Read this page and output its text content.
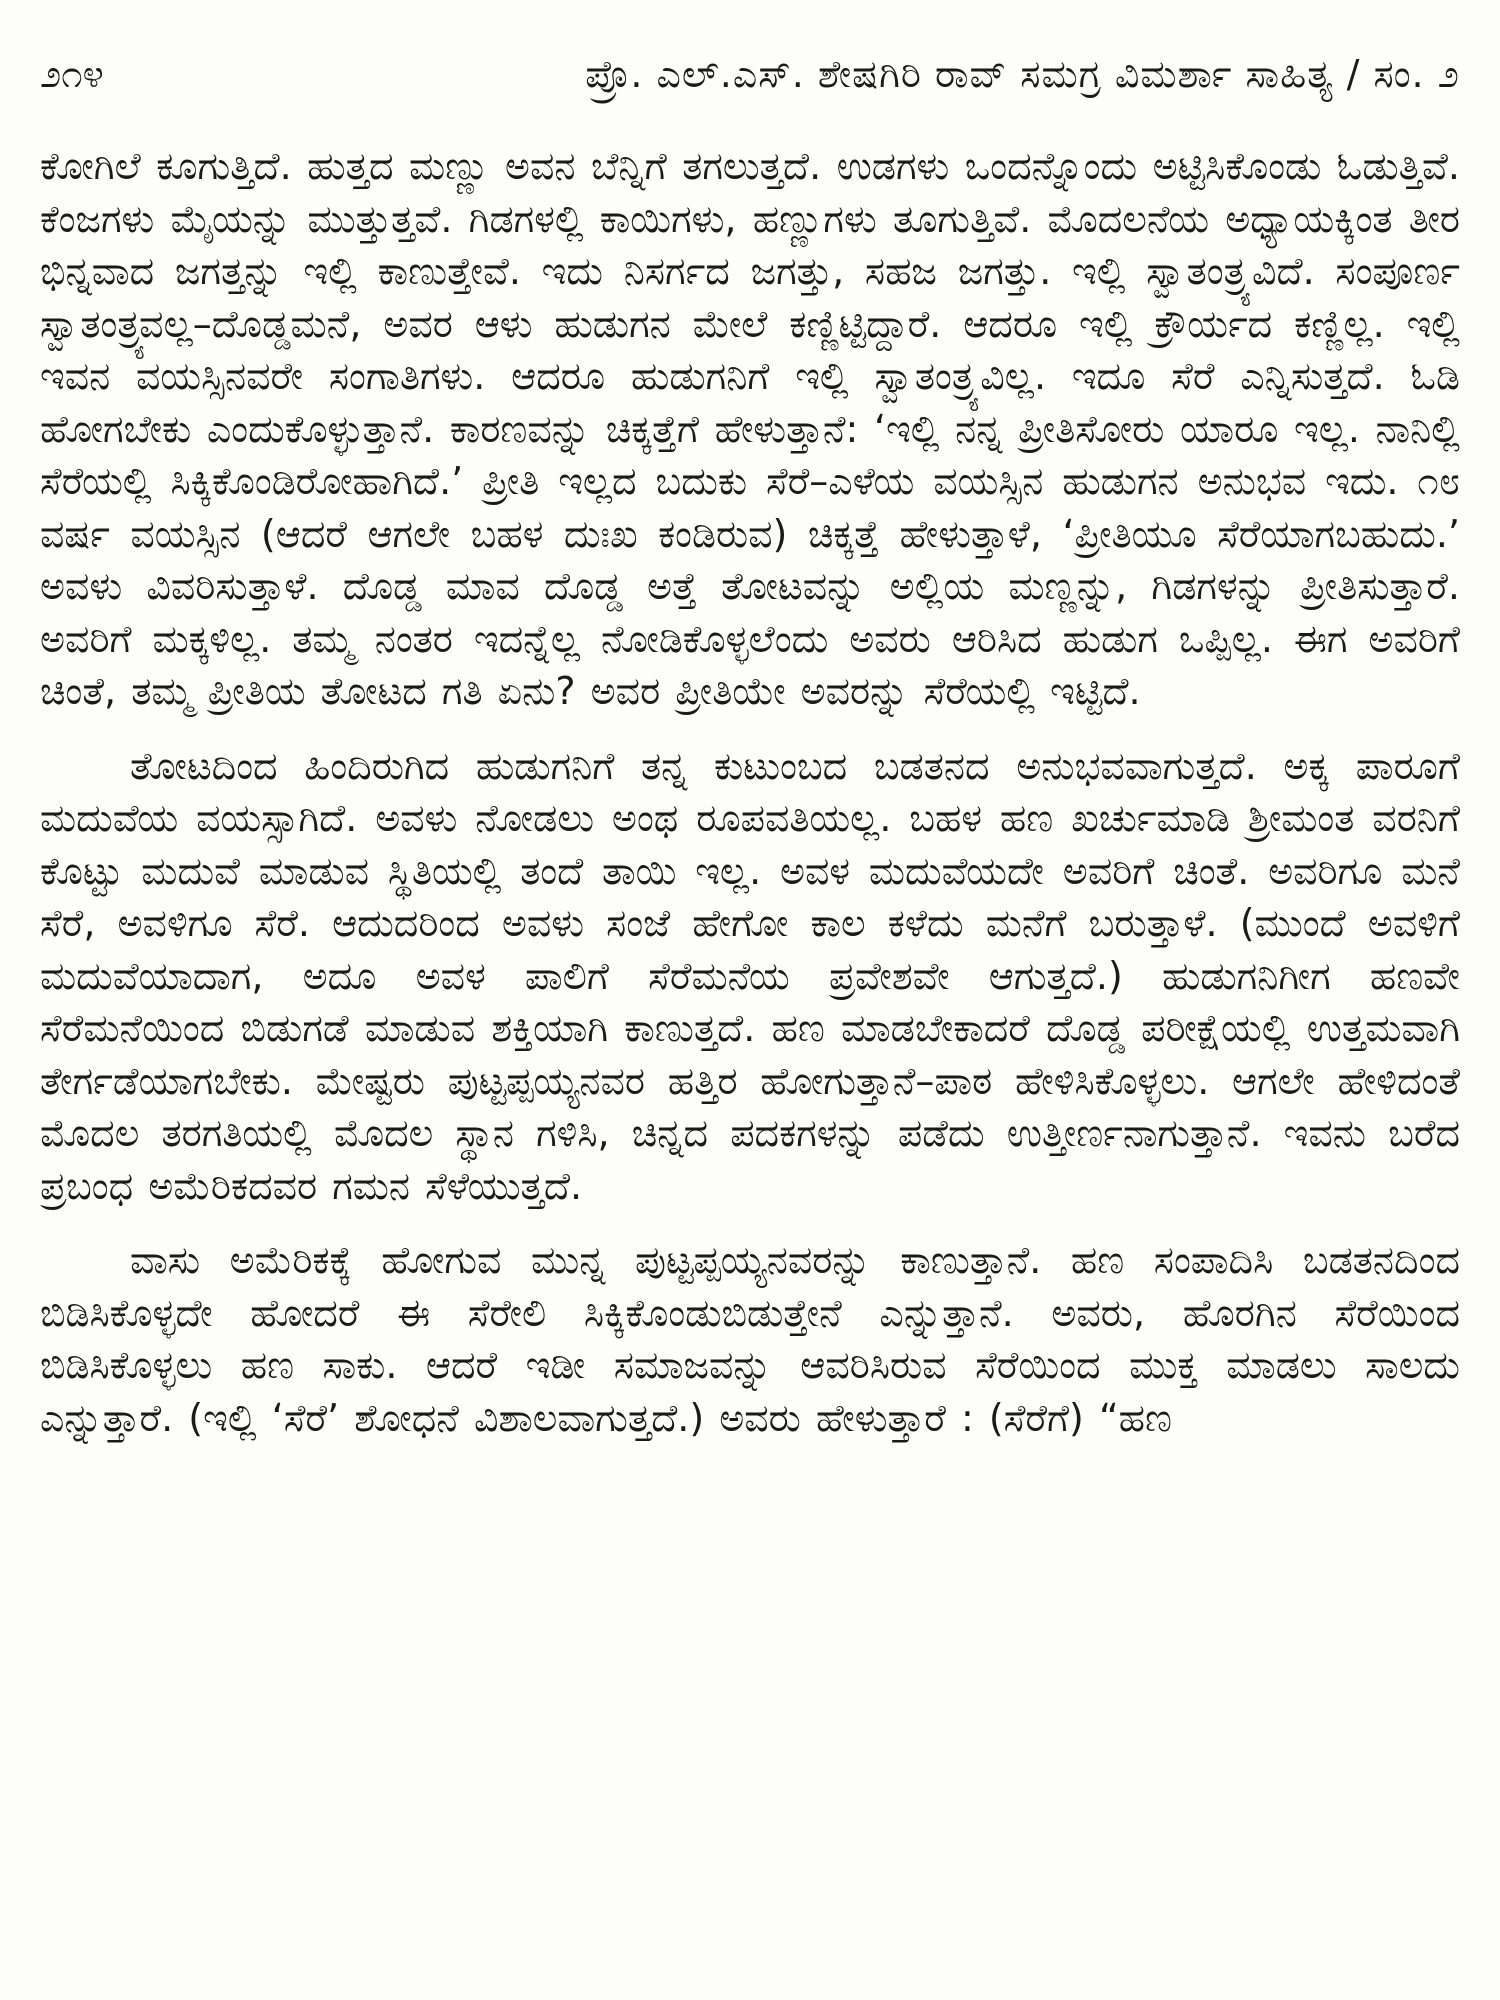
೨೧೪	ಪ್ರೊ. ಎಲ್.ಎಸ್. ಶೇಷಗಿರಿ ರಾವ್ ಸಮಗ್ರ ವಿಮರ್ಶಾ ಸಾಹಿತ್ಯ / ಸಂ. ೨

ಕೋಗಿಲೆ ಕೂಗುತ್ತಿದೆ. ಹುತ್ತದ ಮಣ್ಣು ಅವನ ಬೆನ್ನಿಗೆ ತಗಲುತ್ತದೆ. ಉಡಗಳು ಒಂದನ್ನೊಂದು ಅಟ್ಟಿಸಿಕೊಂಡು ಓಡುತ್ತಿವೆ. ಕೆಂಜಗಳು ಮೈಯನ್ನು ಮುತ್ತುತ್ತವೆ. ಗಿಡಗಳಲ್ಲಿ ಕಾಯಿಗಳು, ಹಣ್ಣುಗಳು ತೂಗುತ್ತಿವೆ. ಮೊದಲನೆಯ ಅಧ್ಯಾಯಕ್ಕಿಂತ ತೀರ ಭಿನ್ನವಾದ ಜಗತ್ತನ್ನು ಇಲ್ಲಿ ಕಾಣುತ್ತೇವೆ. ಇದು ನಿಸರ್ಗದ ಜಗತ್ತು, ಸಹಜ ಜಗತ್ತು. ಇಲ್ಲಿ ಸ್ವಾತಂತ್ರ್ಯವಿದೆ. ಸಂಪೂರ್ಣ ಸ್ವಾತಂತ್ರ್ಯವಲ್ಲ–ದೊಡ್ಡಮನೆ, ಅವರ ಆಳು ಹುಡುಗನ ಮೇಲೆ ಕಣ್ಣಿಟ್ಟಿದ್ದಾರೆ. ಆದರೂ ಇಲ್ಲಿ ಕ್ರೌರ್ಯದ ಕಣ್ಣಿಲ್ಲ. ಇಲ್ಲಿ ಇವನ ವಯಸ್ಸಿನವರೇ ಸಂಗಾತಿಗಳು. ಆದರೂ ಹುಡುಗನಿಗೆ ಇಲ್ಲಿ ಸ್ವಾತಂತ್ರ್ಯವಿಲ್ಲ. ಇದೂ ಸೆರೆ ಎನ್ನಿಸುತ್ತದೆ. ಓಡಿ ಹೋಗಬೇಕು ಎಂದುಕೊಳ್ಳುತ್ತಾನೆ. ಕಾರಣವನ್ನು ಚಿಕ್ಕತ್ತೆಗೆ ಹೇಳುತ್ತಾನೆ: ‘ಇಲ್ಲಿ ನನ್ನ ಪ್ರೀತಿಸೋರು ಯಾರೂ ಇಲ್ಲ. ನಾನಿಲ್ಲಿ ಸೆರೆಯಲ್ಲಿ ಸಿಕ್ಕಿಕೊಂಡಿರೋಹಾಗಿದೆ.’ ಪ್ರೀತಿ ಇಲ್ಲದ ಬದುಕು ಸೆರೆ–ಎಳೆಯ ವಯಸ್ಸಿನ ಹುಡುಗನ ಅನುಭವ ಇದು. ೧೮ ವರ್ಷ ವಯಸ್ಸಿನ (ಆದರೆ ಆಗಲೇ ಬಹಳ ದುಃಖ ಕಂಡಿರುವ) ಚಿಕ್ಕತ್ತೆ ಹೇಳುತ್ತಾಳೆ, ‘ಪ್ರೀತಿಯೂ ಸೆರೆಯಾಗಬಹುದು.’ ಅವಳು ವಿವರಿಸುತ್ತಾಳೆ. ದೊಡ್ಡ ಮಾವ ದೊಡ್ಡ ಅತ್ತೆ ತೋಟವನ್ನು ಅಲ್ಲಿಯ ಮಣ್ಣನ್ನು, ಗಿಡಗಳನ್ನು ಪ್ರೀತಿಸುತ್ತಾರೆ. ಅವರಿಗೆ ಮಕ್ಕಳಿಲ್ಲ. ತಮ್ಮ ನಂತರ ಇದನ್ನೆಲ್ಲ ನೋಡಿಕೊಳ್ಳಲೆಂದು ಅವರು ಆರಿಸಿದ ಹುಡುಗ ಒಪ್ಪಿಲ್ಲ. ಈಗ ಅವರಿಗೆ ಚಿಂತೆ, ತಮ್ಮ ಪ್ರೀತಿಯ ತೋಟದ ಗತಿ ಏನು? ಅವರ ಪ್ರೀತಿಯೇ ಅವರನ್ನು ಸೆರೆಯಲ್ಲಿ ಇಟ್ಟಿದೆ.

ತೋಟದಿಂದ ಹಿಂದಿರುಗಿದ ಹುಡುಗನಿಗೆ ತನ್ನ ಕುಟುಂಬದ ಬಡತನದ ಅನುಭವವಾಗುತ್ತದೆ. ಅಕ್ಕ ಪಾರೂಗೆ ಮದುವೆಯ ವಯಸ್ಸಾಗಿದೆ. ಅವಳು ನೋಡಲು ಅಂಥ ರೂಪವತಿಯಲ್ಲ. ಬಹಳ ಹಣ ಖರ್ಚುಮಾಡಿ ಶ್ರೀಮಂತ ವರನಿಗೆ ಕೊಟ್ಟು ಮದುವೆ ಮಾಡುವ ಸ್ಥಿತಿಯಲ್ಲಿ ತಂದೆ ತಾಯಿ ಇಲ್ಲ. ಅವಳ ಮದುವೆಯದೇ ಅವರಿಗೆ ಚಿಂತೆ. ಅವರಿಗೂ ಮನೆ ಸೆರೆ, ಅವಳಿಗೂ ಸೆರೆ. ಆದುದರಿಂದ ಅವಳು ಸಂಜೆ ಹೇಗೋ ಕಾಲ ಕಳೆದು ಮನೆಗೆ ಬರುತ್ತಾಳೆ. (ಮುಂದೆ ಅವಳಿಗೆ ಮದುವೆಯಾದಾಗ, ಅದೂ ಅವಳ ಪಾಲಿಗೆ ಸೆರೆಮನೆಯ ಪ್ರವೇಶವೇ ಆಗುತ್ತದೆ.) ಹುಡುಗನಿಗೀಗ ಹಣವೇ ಸೆರೆಮನೆಯಿಂದ ಬಿಡುಗಡೆ ಮಾಡುವ ಶಕ್ತಿಯಾಗಿ ಕಾಣುತ್ತದೆ. ಹಣ ಮಾಡಬೇಕಾದರೆ ದೊಡ್ಡ ಪರೀಕ್ಷೆಯಲ್ಲಿ ಉತ್ತಮವಾಗಿ ತೇರ್ಗಡೆಯಾಗಬೇಕು. ಮೇಷ್ಟರು ಪುಟ್ಟಪ್ಪಯ್ಯನವರ ಹತ್ತಿರ ಹೋಗುತ್ತಾನೆ–ಪಾಠ ಹೇಳಿಸಿಕೊಳ್ಳಲು. ಆಗಲೇ ಹೇಳಿದಂತೆ ಮೊದಲ ತರಗತಿಯಲ್ಲಿ ಮೊದಲ ಸ್ಥಾನ ಗಳಿಸಿ, ಚಿನ್ನದ ಪದಕಗಳನ್ನು ಪಡೆದು ಉತ್ತೀರ್ಣನಾಗುತ್ತಾನೆ. ಇವನು ಬರೆದ ಪ್ರಬಂಧ ಅಮೆರಿಕದವರ ಗಮನ ಸೆಳೆಯುತ್ತದೆ.

ವಾಸು ಅಮೆರಿಕಕ್ಕೆ ಹೋಗುವ ಮುನ್ನ ಪುಟ್ಟಪ್ಪಯ್ಯನವರನ್ನು ಕಾಣುತ್ತಾನೆ. ಹಣ ಸಂಪಾದಿಸಿ ಬಡತನದಿಂದ ಬಿಡಿಸಿಕೊಳ್ಳದೇ ಹೋದರೆ ಈ ಸೆರೇಲಿ ಸಿಕ್ಕಿಕೊಂಡುಬಿಡುತ್ತೇನೆ ಎನ್ನುತ್ತಾನೆ. ಅವರು, ಹೊರಗಿನ ಸೆರೆಯಿಂದ ಬಿಡಿಸಿಕೊಳ್ಳಲು ಹಣ ಸಾಕು. ಆದರೆ ಇಡೀ ಸಮಾಜವನ್ನು ಆವರಿಸಿರುವ ಸೆರೆಯಿಂದ ಮುಕ್ತ ಮಾಡಲು ಸಾಲದು ಎನ್ನುತ್ತಾರೆ. (ಇಲ್ಲಿ ‘ಸೆರೆ’ ಶೋಧನೆ ವಿಶಾಲವಾಗುತ್ತದೆ.) ಅವರು ಹೇಳುತ್ತಾರೆ : (ಸೆರೆಗೆ) “ಹಣ
